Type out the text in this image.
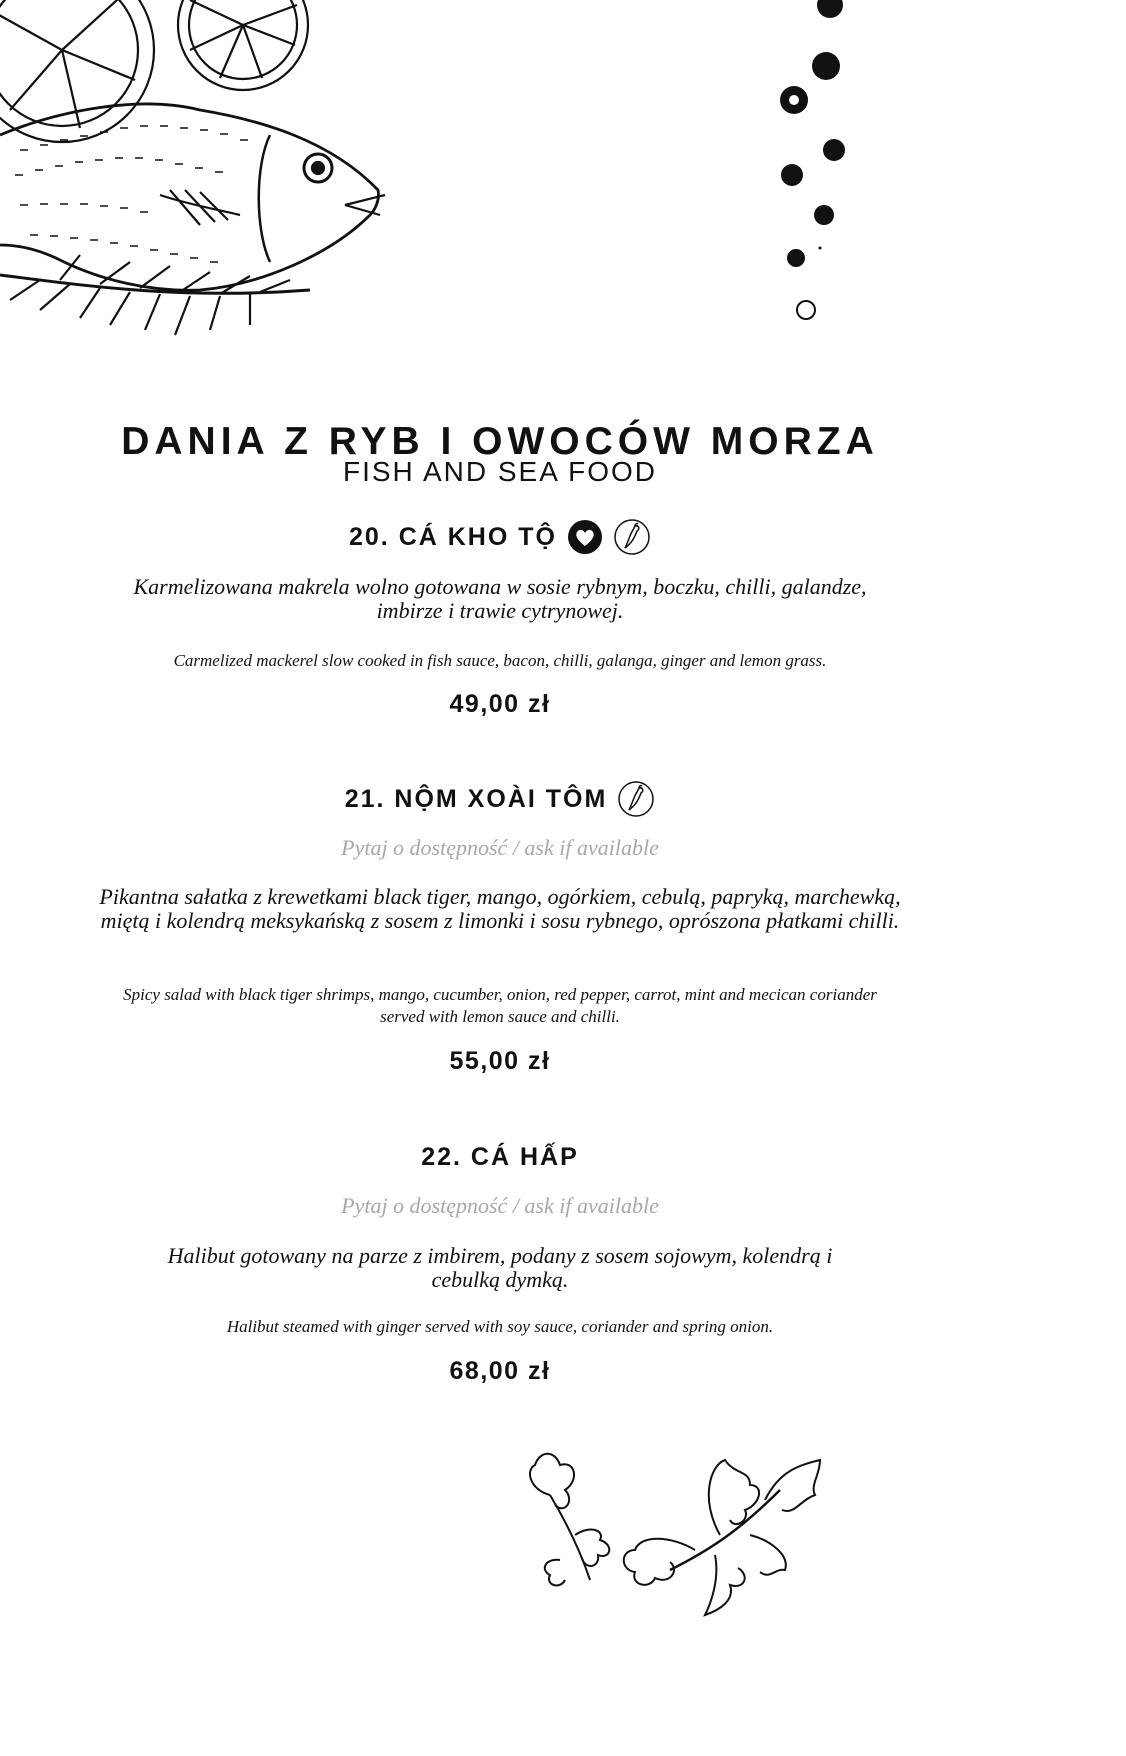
DANIA Z RYB I OWOCÓW MORZA
FISH AND SEA FOOD
20. CÁ KHO TỘ
Karmelizowana makrela wolno gotowana w sosie rybnym, boczku, chilli, galandze, imbirze i trawie cytrynowej.
Carmelized mackerel slow cooked in fish sauce, bacon, chilli, galanga, ginger and lemon grass.
49,00 zł
21. NỘM XOÀI TÔM
Pytaj o dostępność / ask if available
Pikantna sałatka z krewetkami black tiger, mango, ogórkiem, cebulą, papryką, marchewką, miętą i kolendrą meksykańską z sosem z limonki i sosu rybnego, oprószona płatkami chilli.
Spicy salad with black tiger shrimps, mango, cucumber, onion, red pepper, carrot, mint and mecican coriander served with lemon sauce and chilli.
55,00 zł
22. CÁ HẤP
Pytaj o dostępność / ask if available
Halibut gotowany na parze z imbirem, podany z sosem sojowym, kolendrą i cebulką dymką.
Halibut steamed with ginger served with soy sauce, coriander and spring onion.
68,00 zł
